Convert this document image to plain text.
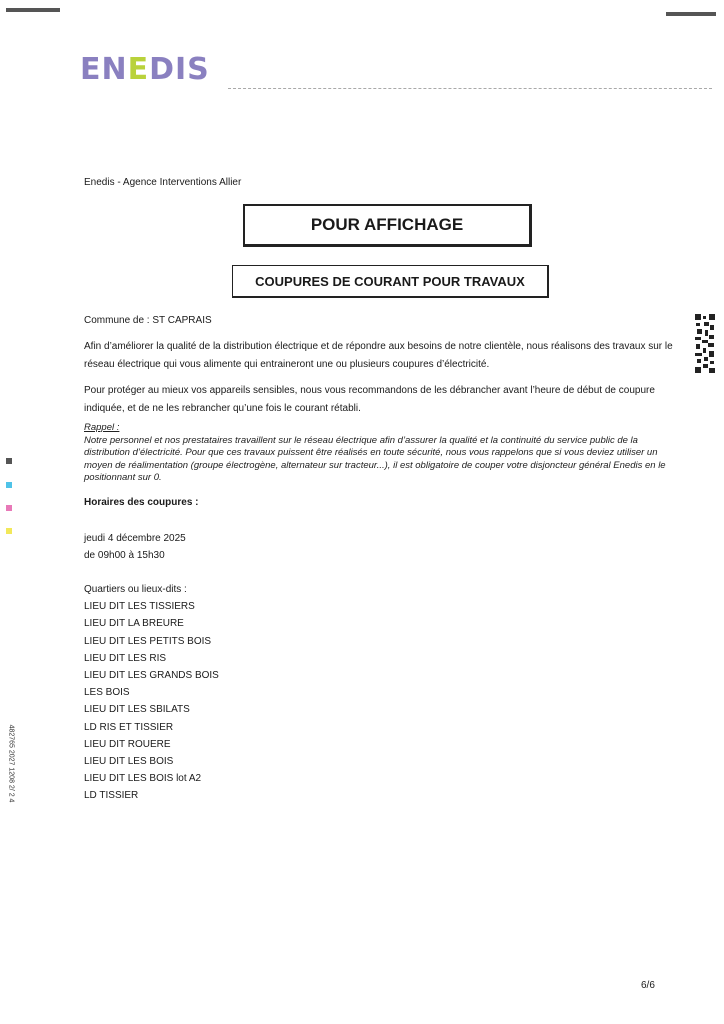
ENEDIS
Enedis - Agence Interventions Allier
POUR AFFICHAGE
COUPURES DE COURANT POUR TRAVAUX
Commune de : ST CAPRAIS
Afin d’améliorer la qualité de la distribution électrique et de répondre aux besoins de notre clientèle, nous réalisons des travaux sur le réseau électrique qui vous alimente qui entraineront une ou plusieurs coupures d’électricité.
Pour protéger au mieux vos appareils sensibles, nous vous recommandons de les débrancher avant l’heure de début de coupure indiquée, et de ne les rebrancher qu’une fois le courant rétabli.
Rappel :
Notre personnel et nos prestataires travaillent sur le réseau électrique afin d’assurer la qualité et la continuité du service public de la distribution d’électricité. Pour que ces travaux puissent être réalisés en toute sécurité, nous vous rappelons que si vous deviez utiliser un moyen de réalimentation (groupe électrogène, alternateur sur tracteur...), il est obligatoire de couper votre disjoncteur général Enedis en le positionnant sur 0.
Horaires des coupures :
jeudi 4 décembre 2025
de 09h00 à 15h30
Quartiers ou lieux-dits :
LIEU DIT LES TISSIERS
LIEU DIT LA BREURE
LIEU DIT LES PETITS BOIS
LIEU DIT LES RIS
LIEU DIT LES GRANDS BOIS
LES BOIS
LIEU DIT LES SBILATS
LD RIS ET TISSIER
LIEU DIT ROUERE
LIEU DIT LES BOIS
LIEU DIT LES BOIS lot A2
LD TISSIER
482765 2027 1208 2/ 2 4
6/6
